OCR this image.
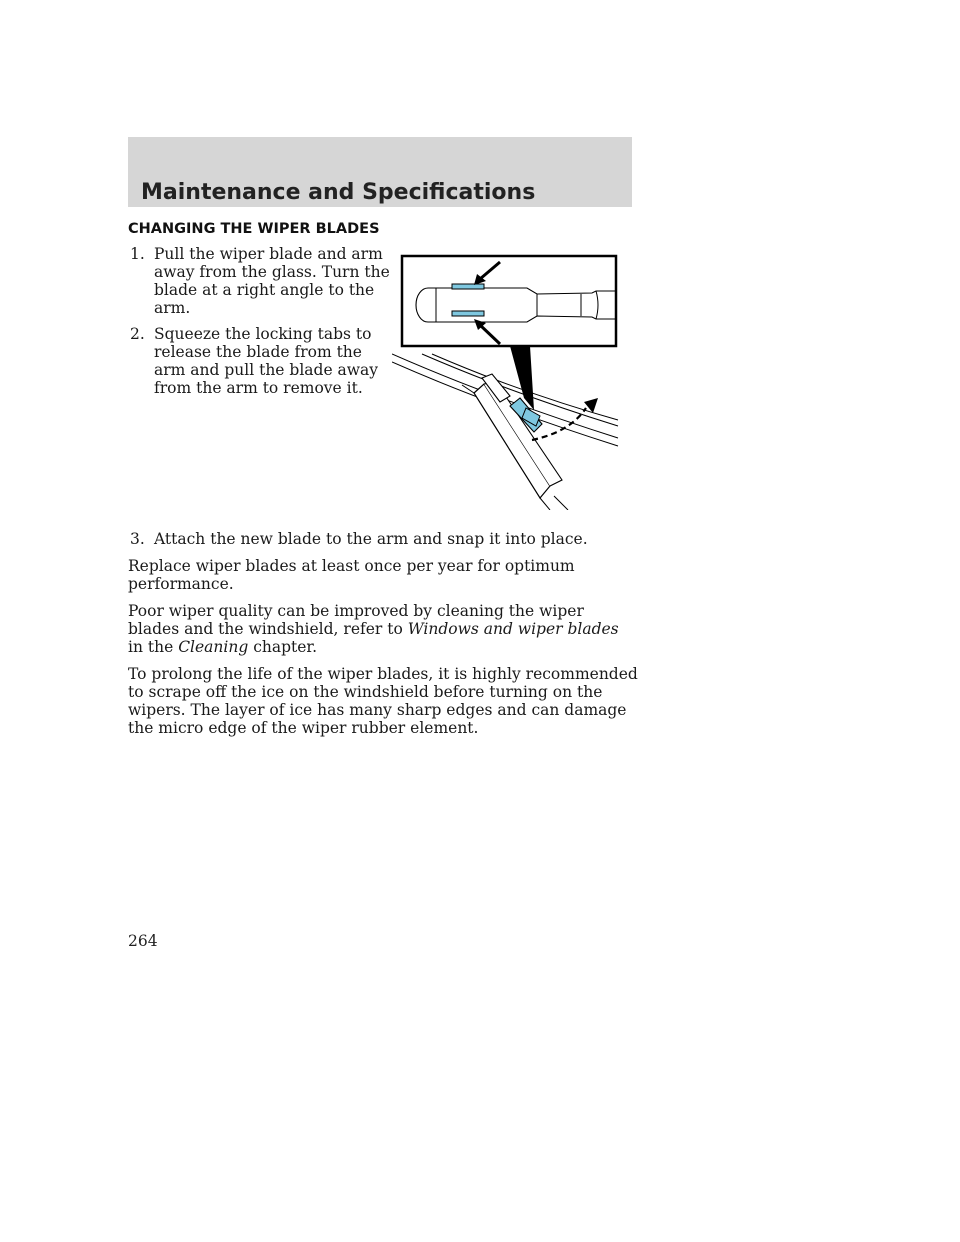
Maintenance and Specifications
CHANGING THE WIPER BLADES

1. Pull the wiper blade and arm away from the glass. Turn the blade at a right angle to the arm.

2. Squeeze the locking tabs to release the blade from the arm and pull the blade away from the arm to remove it.

3. Attach the new blade to the arm and snap it into place.

Replace wiper blades at least once per year for optimum performance.

Poor wiper quality can be improved by cleaning the wiper blades and the windshield, refer to Windows and wiper blades in the Cleaning chapter.

To prolong the life of the wiper blades, it is highly recommended to scrape off the ice on the windshield before turning on the wipers. The layer of ice has many sharp edges and can damage the micro edge of the wiper rubber element.

264
